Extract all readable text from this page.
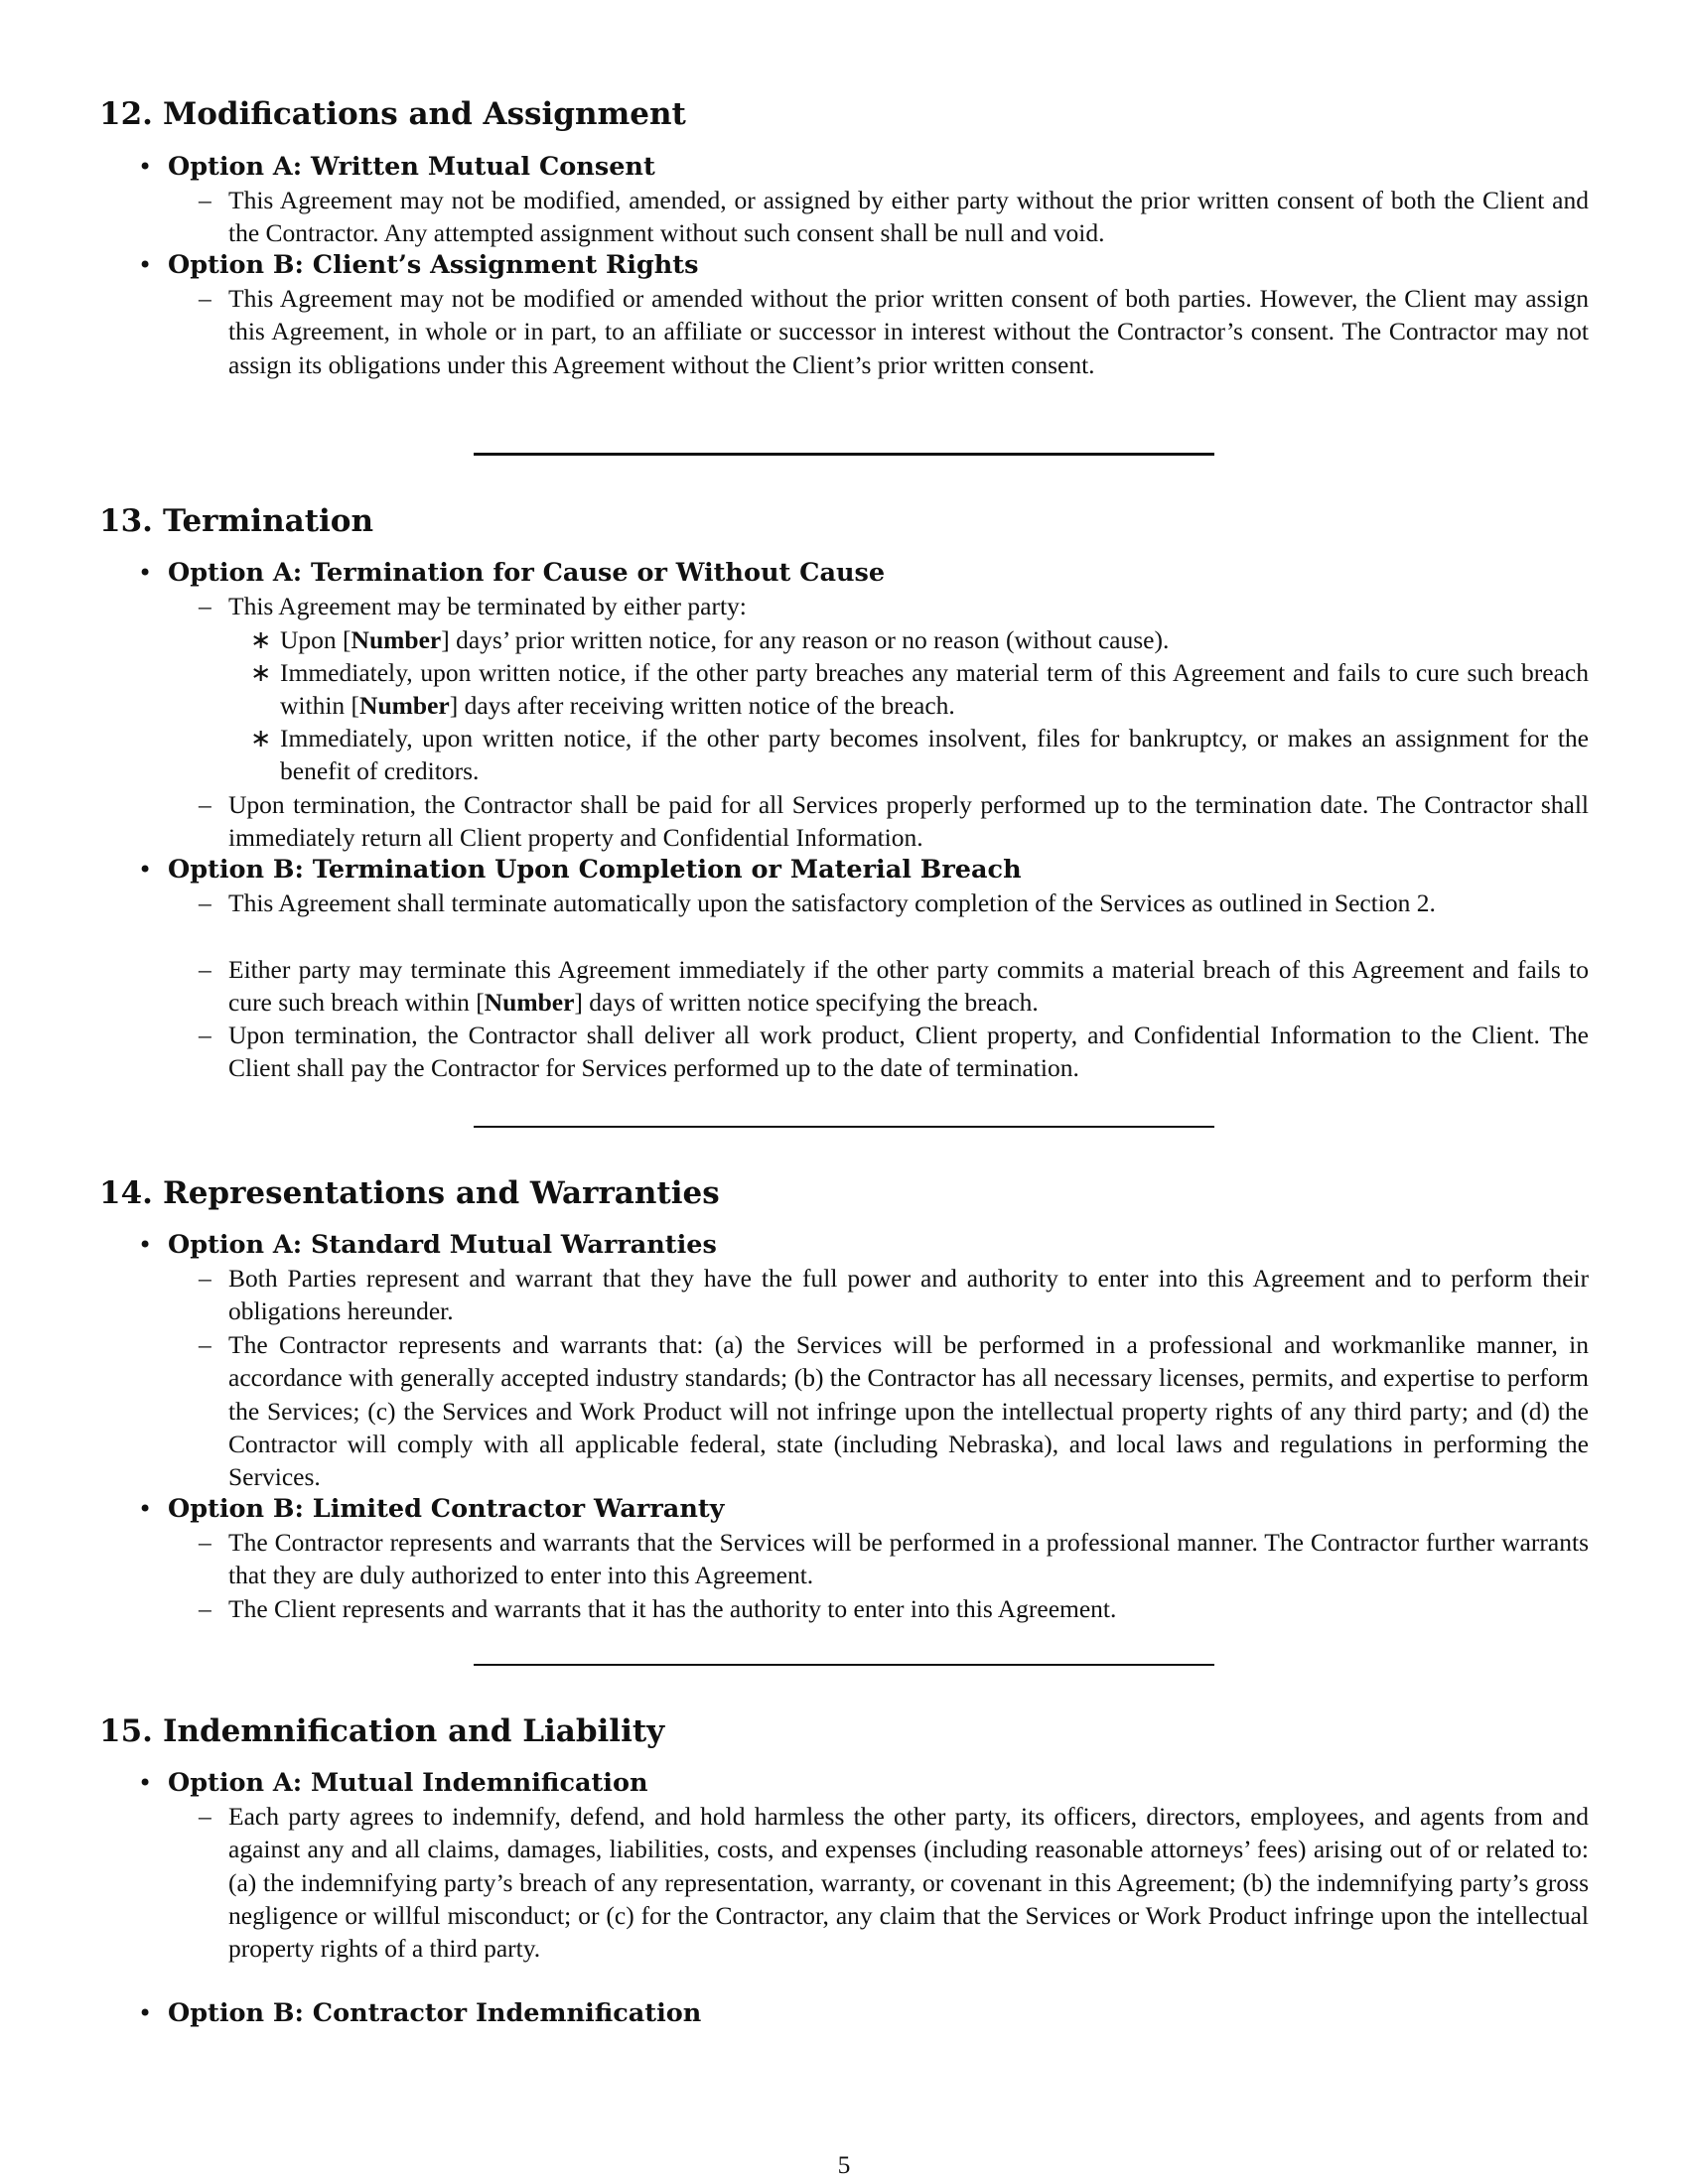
12. Modifications and Assignment
• Option A: Written Mutual Consent
– This Agreement may not be modified, amended, or assigned by either party without the prior written consent of both the Client and the Contractor. Any attempted assignment without such consent shall be null and void.

• Option B: Client’s Assignment Rights
– This Agreement may not be modified or amended without the prior written consent of both parties. However, the Client may assign this Agreement, in whole or in part, to an affiliate or successor in interest without the Contractor’s consent. The Contractor may not assign its obligations under this Agreement without the Client’s prior written consent.

13. Termination
• Option A: Termination for Cause or Without Cause
– This Agreement may be terminated by either party:

∗ Upon [Number] days’ prior written notice, for any reason or no reason (without cause).

∗ Immediately, upon written notice, if the other party breaches any material term of this Agreement and fails to cure such breach within [Number] days after receiving written notice of the breach.

∗ Immediately, upon written notice, if the other party becomes insolvent, files for bankruptcy, or makes an assignment for the benefit of creditors.

– Upon termination, the Contractor shall be paid for all Services properly performed up to the termination date. The Contractor shall immediately return all Client property and Confidential Information.

• Option B: Termination Upon Completion or Material Breach
– This Agreement shall terminate automatically upon the satisfactory completion of the Services as outlined in Section 2.

– Either party may terminate this Agreement immediately if the other party commits a material breach of this Agreement and fails to cure such breach within [Number] days of written notice specifying the breach.

– Upon termination, the Contractor shall deliver all work product, Client property, and Confidential Information to the Client. The Client shall pay the Contractor for Services performed up to the date of termination.

14. Representations and Warranties
• Option A: Standard Mutual Warranties
– Both Parties represent and warrant that they have the full power and authority to enter into this Agreement and to perform their obligations hereunder.

– The Contractor represents and warrants that: (a) the Services will be performed in a professional and workmanlike manner, in accordance with generally accepted industry standards; (b) the Contractor has all necessary licenses, permits, and expertise to perform the Services; (c) the Services and Work Product will not infringe upon the intellectual property rights of any third party; and (d) the Contractor will comply with all applicable federal, state (including Nebraska), and local laws and regulations in performing the Services.

• Option B: Limited Contractor Warranty
– The Contractor represents and warrants that the Services will be performed in a professional manner. The Contractor further warrants that they are duly authorized to enter into this Agreement.

– The Client represents and warrants that it has the authority to enter into this Agreement.

15. Indemnification and Liability
• Option A: Mutual Indemnification
– Each party agrees to indemnify, defend, and hold harmless the other party, its officers, directors, employees, and agents from and against any and all claims, damages, liabilities, costs, and expenses (including reasonable attorneys’ fees) arising out of or related to: (a) the indemnifying party’s breach of any representation, warranty, or covenant in this Agreement; (b) the indemnifying party’s gross negligence or willful misconduct; or (c) for the Contractor, any claim that the Services or Work Product infringe upon the intellectual property rights of a third party.

• Option B: Contractor Indemnification
5
